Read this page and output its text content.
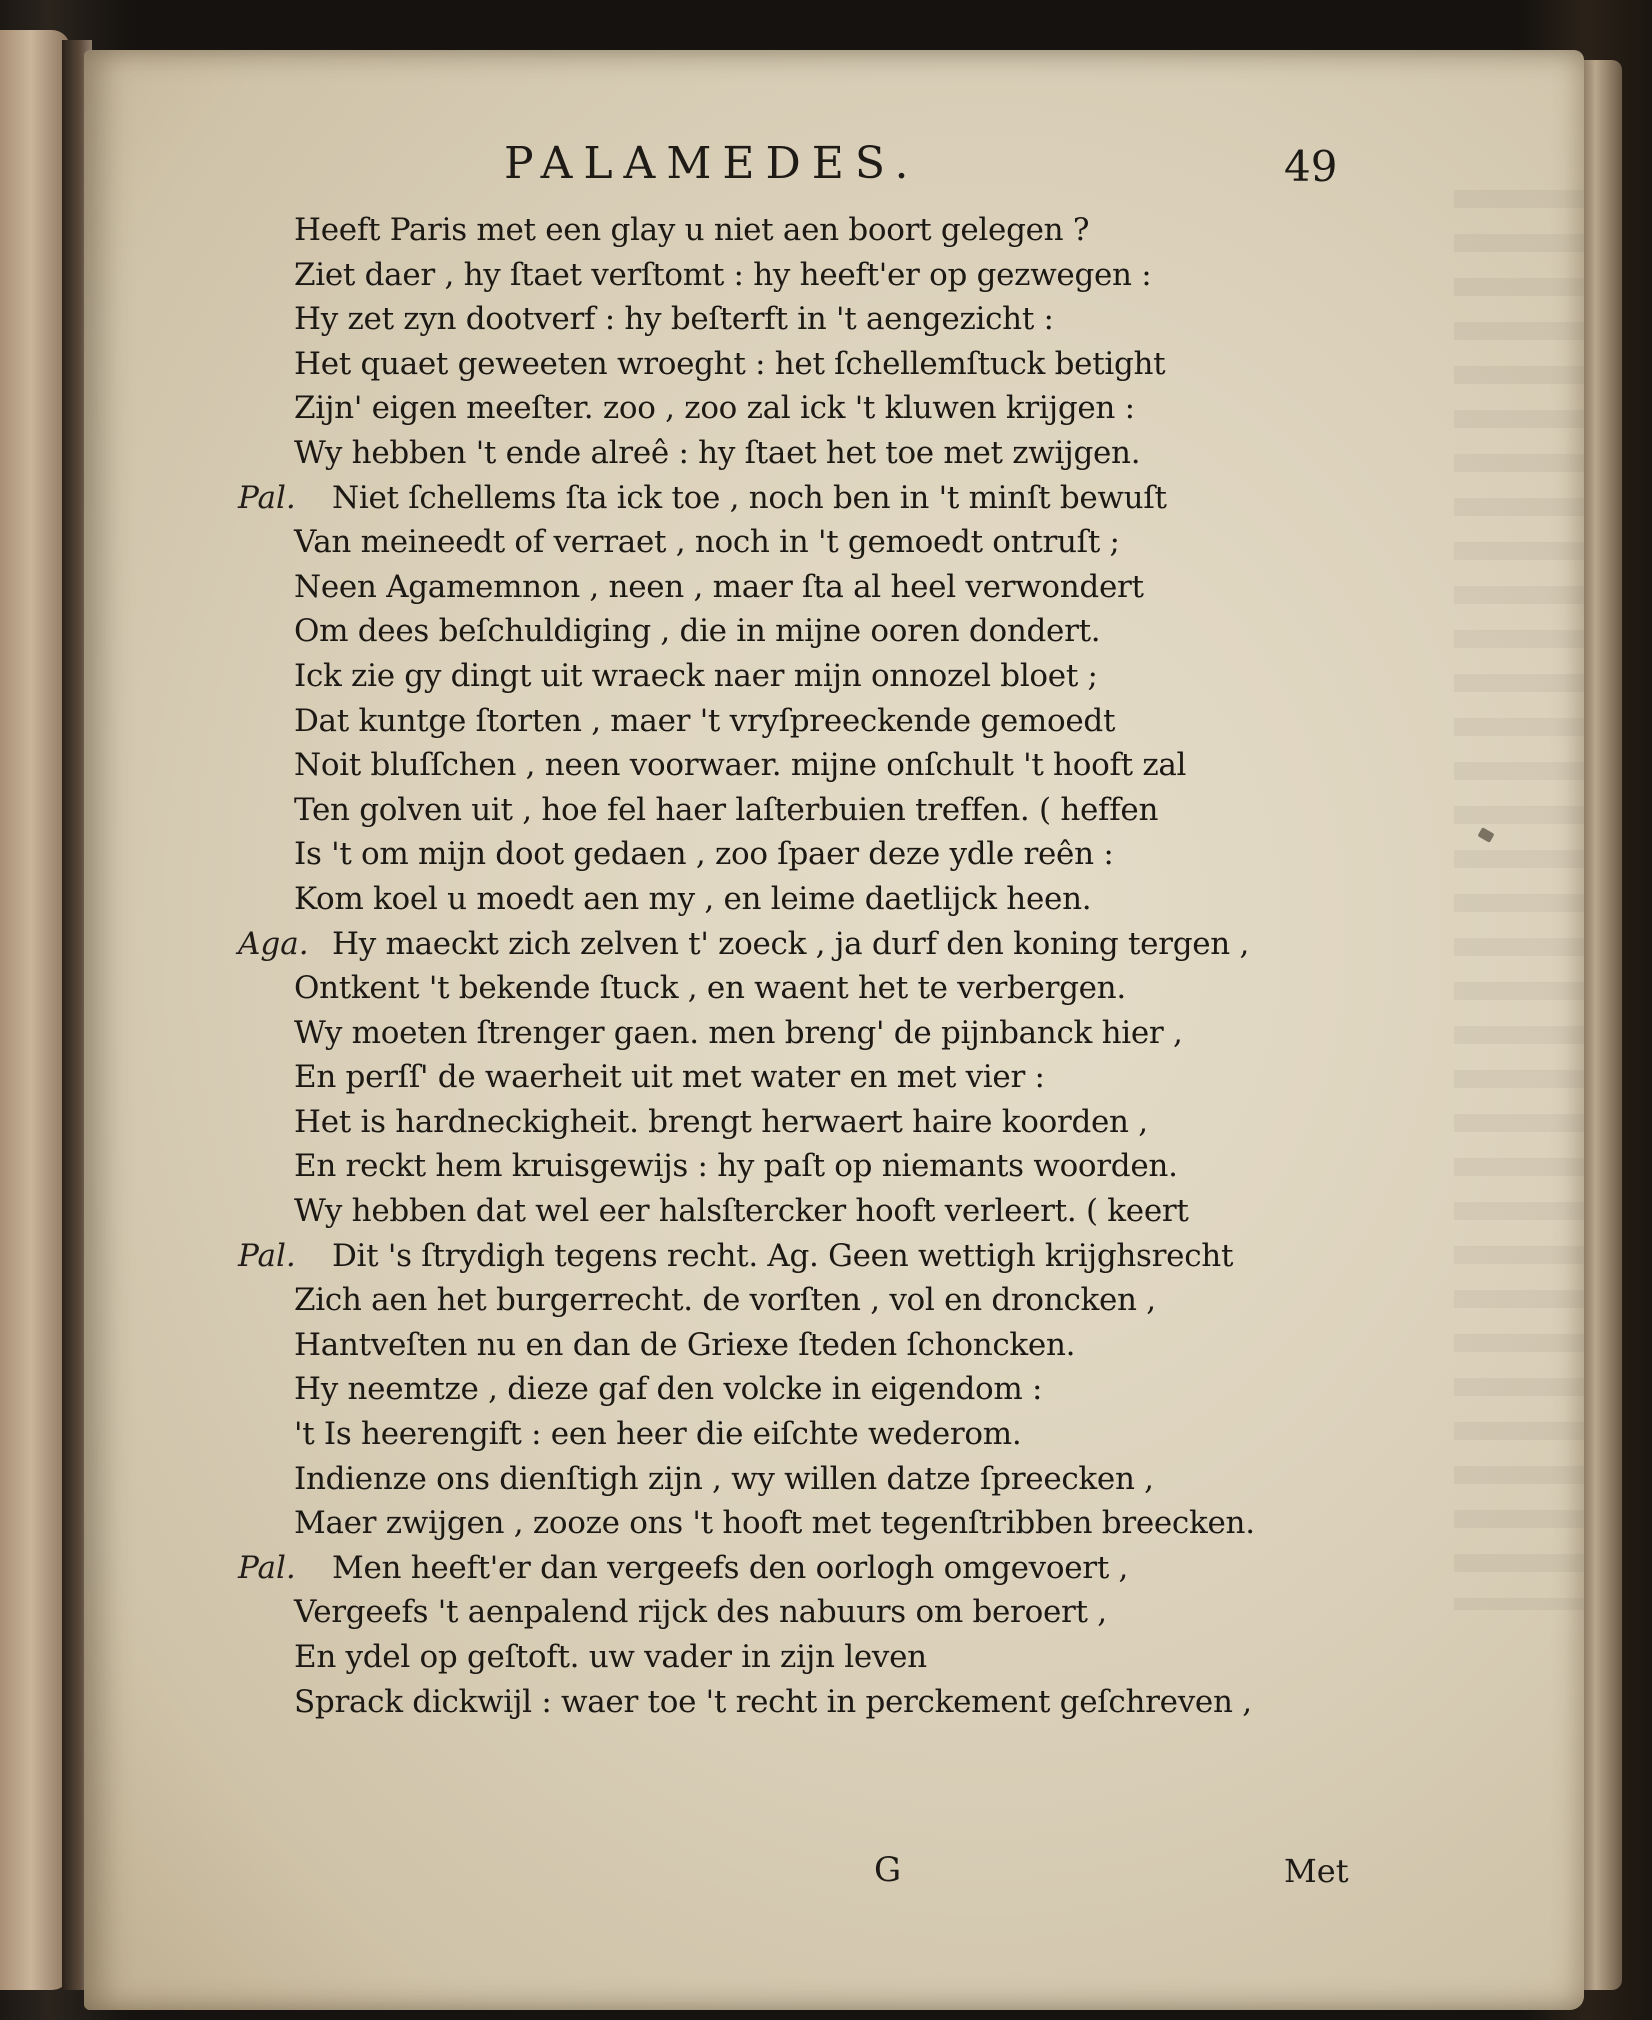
PALAMEDES.	49
Heeft Paris met een glay u niet aen boort gelegen ?
Ziet daer , hy ſtaet verſtomt : hy heeft'er op gezwegen :
Hy zet zyn dootverf : hy beſterft in 't aengezicht :
Het quaet geweeten wroeght : het ſchellemſtuck betight
Zijn' eigen meeſter. zoo , zoo zal ick 't kluwen krijgen :
Wy hebben 't ende alreê : hy ſtaet het toe met zwijgen.
Pal. Niet ſchellems ſta ick toe , noch ben in 't minſt bewuſt
Van meineedt of verraet , noch in 't gemoedt ontruſt ;
Neen Agamemnon , neen , maer ſta al heel verwondert
Om dees beſchuldiging , die in mijne ooren dondert.
Ick zie gy dingt uit wraeck naer mijn onnozel bloet ;
Dat kuntge ſtorten , maer 't vryſpreeckende gemoedt
Noit bluſſchen , neen voorwaer. mijne onſchult 't hooft zal
Ten golven uit , hoe fel haer laſterbuien treffen. ( heffen
Is 't om mijn doot gedaen , zoo ſpaer deze ydle reên :
Kom koel u moedt aen my , en leime daetlijck heen.
Aga. Hy maeckt zich zelven t' zoeck , ja durf den koning tergen ,
Ontkent 't bekende ſtuck , en waent het te verbergen.
Wy moeten ſtrenger gaen. men breng' de pijnbanck hier ,
En perſſ' de waerheit uit met water en met vier :
Het is hardneckigheit. brengt herwaert haire koorden ,
En reckt hem kruisgewijs : hy paſt op niemants woorden.
Wy hebben dat wel eer halsſtercker hooft verleert. ( keert
Pal. Dit 's ſtrydigh tegens recht. Ag. Geen wettigh krijghsrecht
Zich aen het burgerrecht. de vorſten , vol en droncken ,
Hantveſten nu en dan de Griexe ſteden ſchoncken.
Hy neemtze , dieze gaf den volcke in eigendom :
't Is heerengift : een heer die eiſchte wederom.
Indienze ons dienſtigh zijn , wy willen datze ſpreecken ,
Maer zwijgen , zooze ons 't hooft met tegenſtribben breecken.
Pal. Men heeft'er dan vergeefs den oorlogh omgevoert ,
Vergeefs 't aenpalend rijck des nabuurs om beroert ,
En ydel op geſtoft. uw vader in zijn leven
Sprack dickwijl : waer toe 't recht in perckement geſchreven ,
G	Met
